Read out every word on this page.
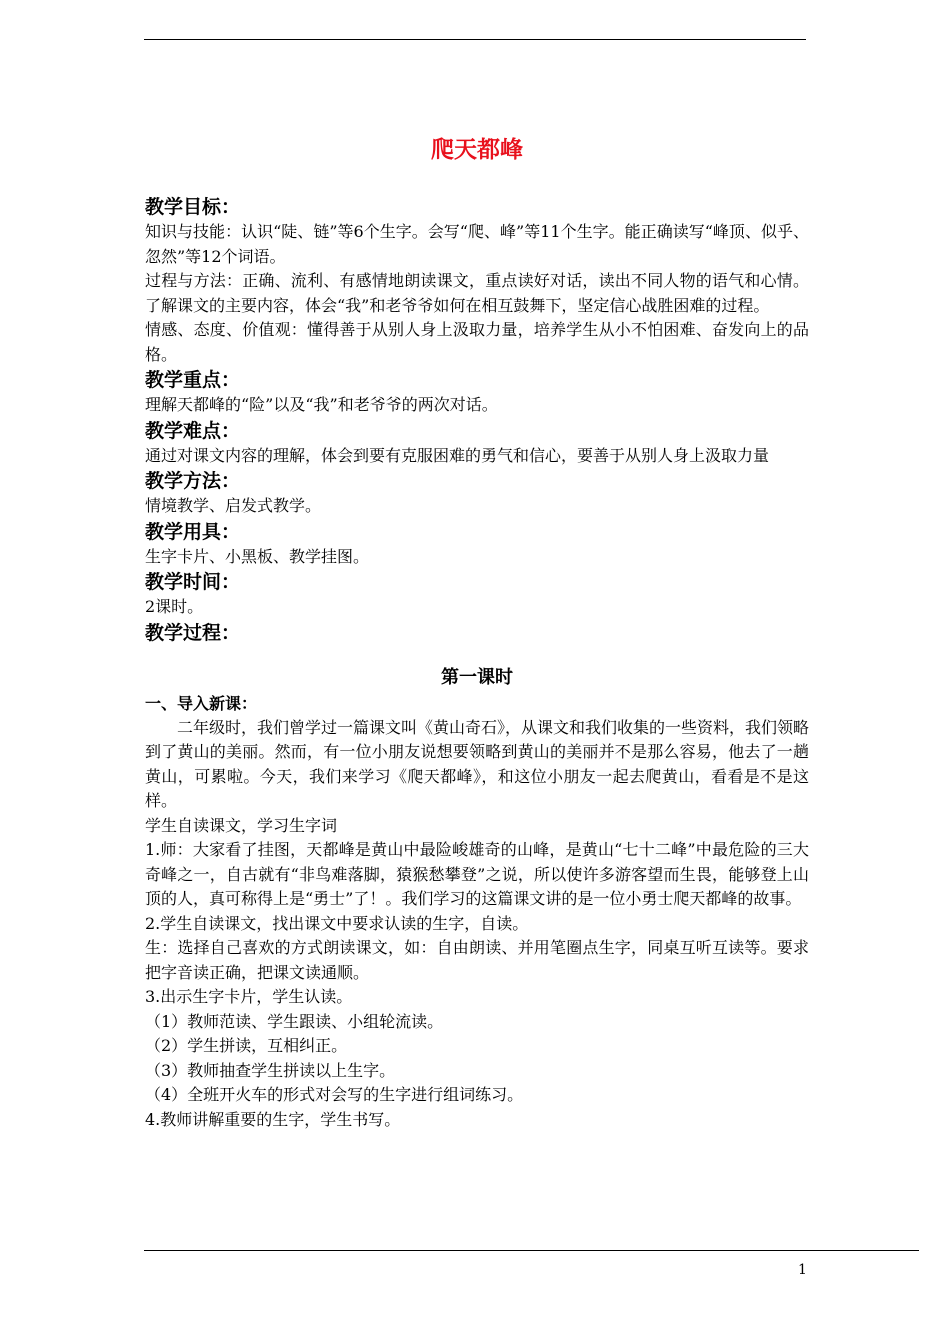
爬天都峰
教学目标：

知识与技能：认识“陡、链”等6个生字。会写“爬、峰”等11个生字。能正确读写“峰顶、似乎、忽然”等12个词语。

过程与方法：正确、流利、有感情地朗读课文，重点读好对话，读出不同人物的语气和心情。了解课文的主要内容，体会“我”和老爷爷如何在相互鼓舞下，坚定信心战胜困难的过程。

情感、态度、价值观：懂得善于从别人身上汲取力量，培养学生从小不怕困难、奋发向上的品格。

教学重点：

理解天都峰的“险”以及“我”和老爷爷的两次对话。

教学难点：

通过对课文内容的理解，体会到要有克服困难的勇气和信心，要善于从别人身上汲取力量

教学方法：

情境教学、启发式教学。

教学用具：

生字卡片、小黑板、教学挂图。

教学时间：

2课时。

教学过程：
第一课时
一、导入新课：

二年级时，我们曾学过一篇课文叫《黄山奇石》，从课文和我们收集的一些资料，我们领略到了黄山的美丽。然而，有一位小朋友说想要领略到黄山的美丽并不是那么容易，他去了一趟黄山，可累啦。今天，我们来学习《爬天都峰》，和这位小朋友一起去爬黄山，看看是不是这样。

学生自读课文，学习生字词

1.师：大家看了挂图，天都峰是黄山中最险峻雄奇的山峰，是黄山“七十二峰”中最危险的三大奇峰之一，自古就有“非鸟难落脚，猿猴愁攀登”之说，所以使许多游客望而生畏，能够登上山顶的人，真可称得上是“勇士”了！。我们学习的这篇课文讲的是一位小勇士爬天都峰的故事。

2.学生自读课文，找出课文中要求认读的生字，自读。

生：选择自己喜欢的方式朗读课文，如：自由朗读、并用笔圈点生字，同桌互听互读等。要求把字音读正确，把课文读通顺。

3.出示生字卡片，学生认读。

（1）教师范读、学生跟读、小组轮流读。

（2）学生拼读，互相纠正。

（3）教师抽查学生拼读以上生字。

（4）全班开火车的形式对会写的生字进行组词练习。

4.教师讲解重要的生字，学生书写。

1
